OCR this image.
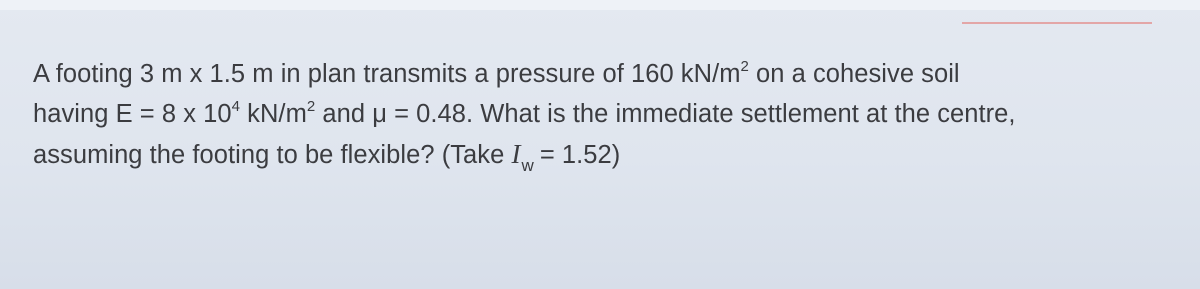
A footing 3 m x 1.5 m in plan transmits a pressure of 160 $kN/m^2$ on a cohesive soil
having E = 8 x $10^4$ $kN/m^2$ and μ = 0.48. What is the immediate settlement at the centre,
assuming the footing to be flexible? (Take $I_w = 1.52$)
